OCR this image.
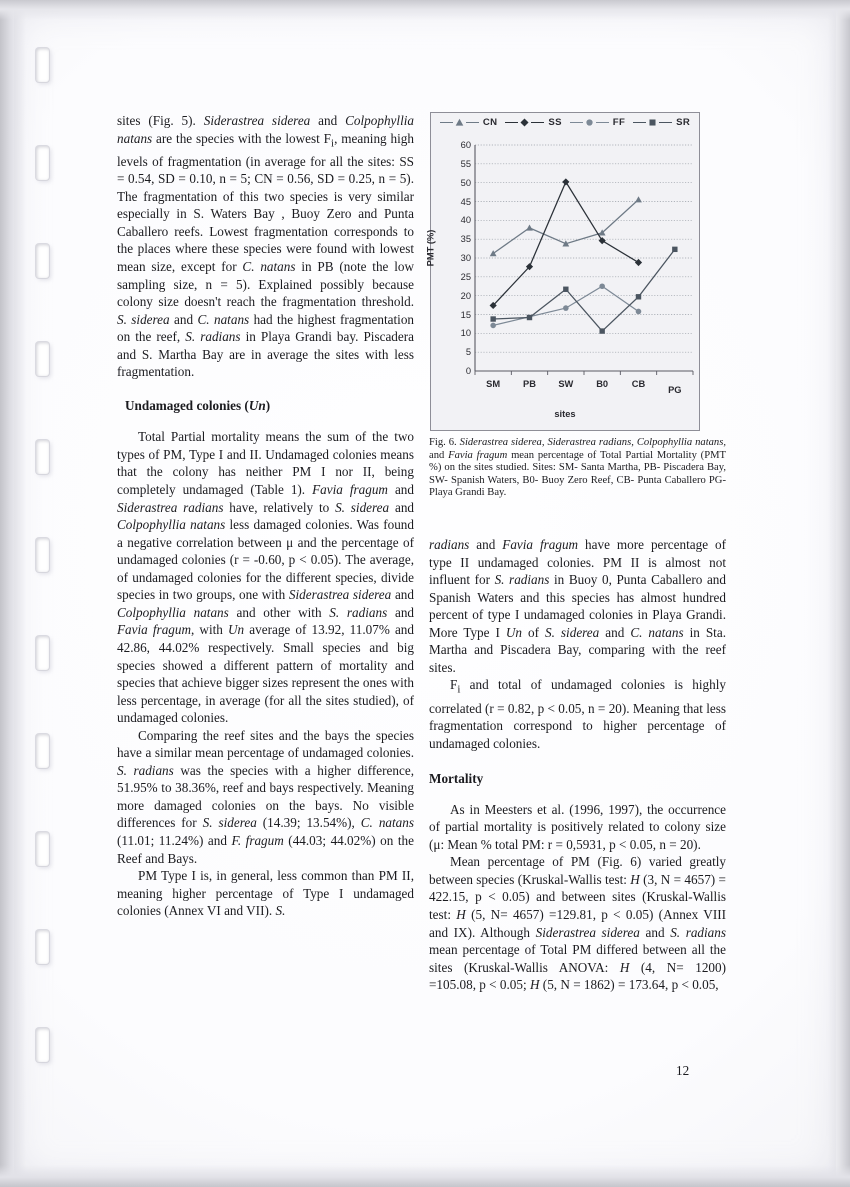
sites (Fig. 5). Siderastrea siderea and Colpophyllia natans are the species with the lowest $F_i$, meaning high levels of fragmentation (in average for all the sites: SS = 0.54, SD = 0.10, n = 5; CN = 0.56, SD = 0.25, n = 5). The fragmentation of this two species is very similar especially in S. Waters Bay , Buoy Zero and Punta Caballero reefs. Lowest fragmentation corresponds to the places where these species were found with lowest mean size, except for C. natans in PB (note the low sampling size, n = 5). Explained possibly because colony size doesn't reach the fragmentation threshold. S. siderea and C. natans had the highest fragmentation on the reef, S. radians in Playa Grandi bay. Piscadera and S. Martha Bay are in average the sites with less fragmentation.

Undamaged colonies (Un)

Total Partial mortality means the sum of the two types of PM, Type I and II. Undamaged colonies means that the colony has neither PM I nor II, being completely undamaged (Table 1). Favia fragum and Siderastrea radians have, relatively to S. siderea and Colpophyllia natans less damaged colonies. Was found a negative correlation between μ and the percentage of undamaged colonies (r = -0.60, p < 0.05). The average, of undamaged colonies for the different species, divide species in two groups, one with Siderastrea siderea and Colpophyllia natans and other with S. radians and Favia fragum, with Un average of 13.92, 11.07% and 42.86, 44.02% respectively. Small species and big species showed a different pattern of mortality and species that achieve bigger sizes represent the ones with less percentage, in average (for all the sites studied), of undamaged colonies.

Comparing the reef sites and the bays the species have a similar mean percentage of undamaged colonies. S. radians was the species with a higher difference, 51.95% to 38.36%, reef and bays respectively. Meaning more damaged colonies on the bays. No visible differences for S. siderea (14.39; 13.54%), C. natans (11.01; 11.24%) and F. fragum (44.03; 44.02%) on the Reef and Bays.

PM Type I is, in general, less common than PM II, meaning higher percentage of Type I undamaged colonies (Annex VI and VII). S.

CN	SS	FF	SR
PMT (%)
0
5
10
15
20
25
30
35
40
45
50
55
60
SM PB SW B0	CB
PG
sites
Fig. 6. Siderastrea siderea, Siderastrea radians, Colpophyllia natans, and Favia fragum mean percentage of Total Partial Mortality (PMT %) on the sites studied. Sites: SM- Santa Martha, PB- Piscadera Bay, SW- Spanish Waters, B0- Buoy Zero Reef, CB- Punta Caballero PG- Playa Grandi Bay.

radians and Favia fragum have more percentage of type II undamaged colonies. PM II is almost not influent for S. radians in Buoy 0, Punta Caballero and Spanish Waters and this species has almost hundred percent of type I undamaged colonies in Playa Grandi. More Type I Un of S. siderea and C. natans in Sta. Martha and Piscadera Bay, comparing with the reef sites.

$F_i$ and total of undamaged colonies is highly correlated (r = 0.82, p < 0.05, n = 20). Meaning that less fragmentation correspond to higher percentage of undamaged colonies.

Mortality

As in Meesters et al. (1996, 1997), the occurrence of partial mortality is positively related to colony size (μ: Mean % total PM: r = 0,5931, p < 0.05, n = 20).

Mean percentage of PM (Fig. 6) varied greatly between species (Kruskal-Wallis test: H (3, N = 4657) = 422.15, p < 0.05) and between sites (Kruskal-Wallis test: H (5, N= 4657) =129.81, p < 0.05) (Annex VIII and IX). Although Siderastrea siderea and S. radians mean percentage of Total PM differed between all the sites (Kruskal-Wallis ANOVA: H (4, N= 1200) =105.08, p < 0.05; H (5, N = 1862) = 173.64, p < 0.05,

12
